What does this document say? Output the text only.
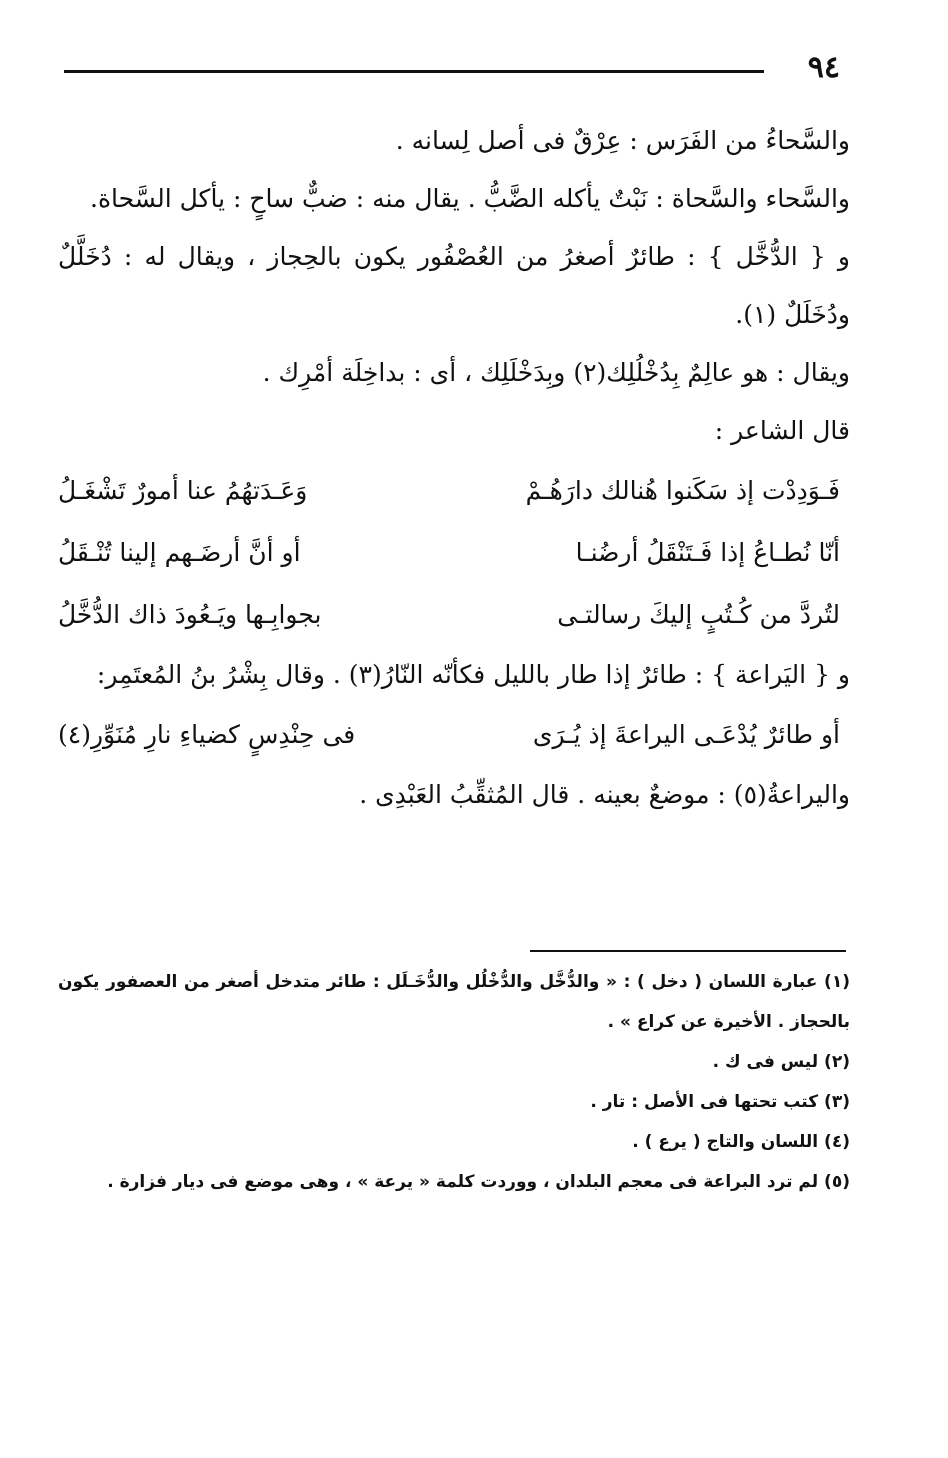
٩٤

والسَّحاءُ من الفَرَس : عِرْقٌ فى أصل لِسانه .

والسَّحاء والسَّحاة : نَبْتٌ يأكله الضَّبُّ . يقال منه : ضبٌّ ساحٍ : يأكل السَّحاة.

و { الدُّخَّل } : طائرٌ أصغرُ من العُصْفُور يكون بالحِجاز ، ويقال له : دُخَلَّلٌ ودُخَلَلٌ (١).

ويقال : هو عالِمٌ بِدُخْلُلِك(٢) وبِدَخْلَلِك ، أى : بداخِلَة أمْرِك .

قال الشاعر :

فَـوَدِدْت إذ سَكَنوا هُنالك دارَهُـمْ
وَعَـدَتهُمُ عنا أمورٌ تَشْغَـلُ
أنّا نُطـاعُ إذا فَـتَنْقَلُ أرضُنـا
أو أنَّ أرضَـهم إلينا تُنْـقَلُ
لتُردَّ من كُـتُبٍ إليكَ رسالتـى
بجوابِـها ويَـعُودَ ذاك الدُّخَّلُ

و { اليَراعة } : طائرٌ إذا طار بالليل فكأنّه النّارُ(٣) . وقال بِشْرُ بنُ المُعتَمِر:

أو طائرٌ يُدْعَـى اليراعةَ إذ يُـرَى
فى حِنْدِسٍ كضياءِ نارِ مُنَوِّرِ(٤)

واليراعةُ(٥) : موضعٌ بعينه . قال المُثقِّبُ العَبْدِى .

(١) عبارة اللسان ( دخل ) : « والدُّخَّل والدُّخْلُل والدُّخَـلَل : طائر متدخل أصغر من العصفور يكون بالحجاز . الأخيرة عن كراع » .

(٢) ليس فى ك .

(٣) كتب تحتها فى الأصل : تار .

(٤) اللسان والتاج ( يرع ) .

(٥) لم ترد البراعة فى معجم البلدان ، ووردت كلمة « يرعة » ، وهى موضع فى ديار فزارة .
